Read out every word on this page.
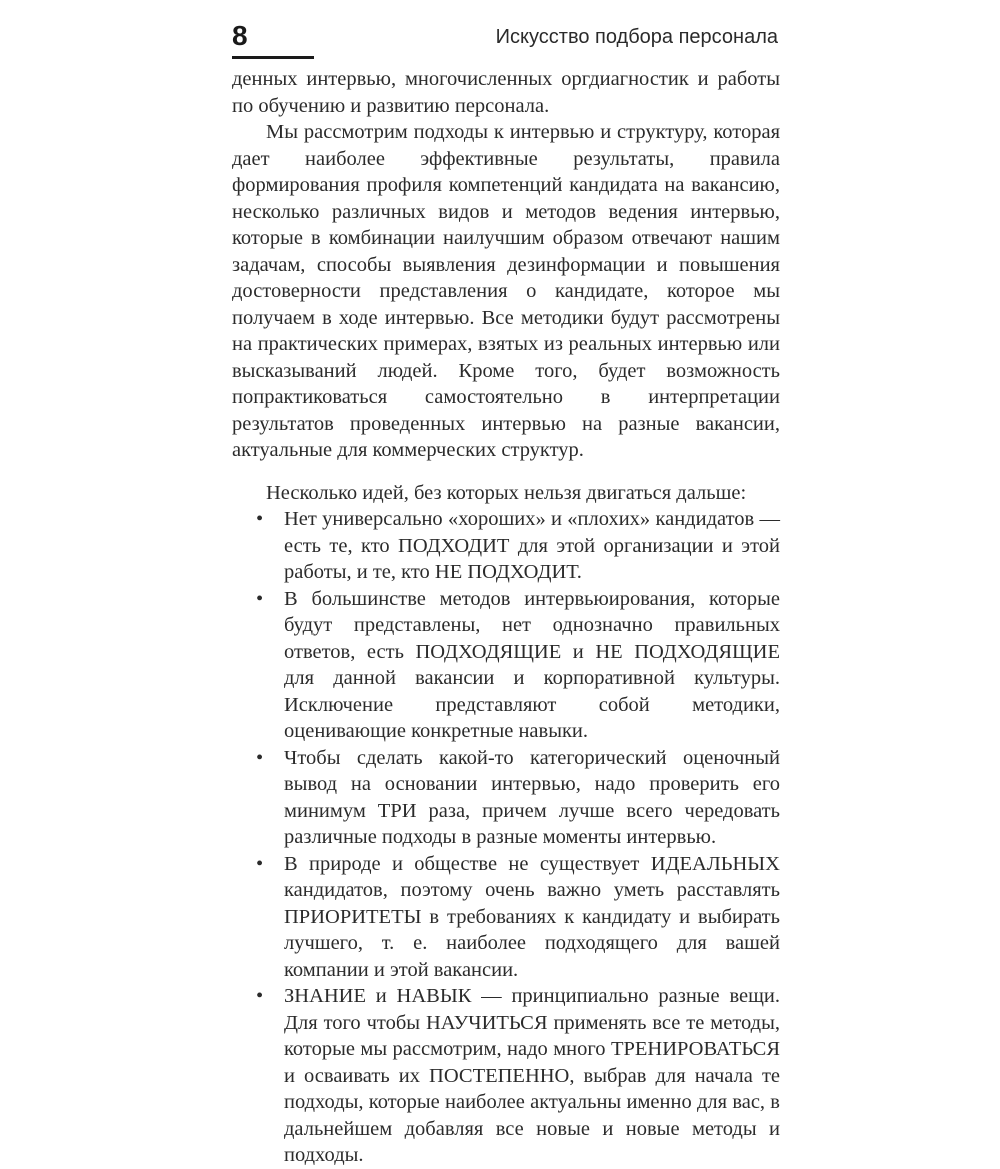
8	Искусство подбора персонала

денных интервью, многочисленных оргдиагностик и работы по обучению и развитию персонала.

Мы рассмотрим подходы к интервью и структуру, которая дает наиболее эффективные результаты, правила формирования профиля компетенций кандидата на вакансию, несколько различных видов и методов ведения интервью, которые в комбинации наилучшим образом отвечают нашим задачам, способы выявления дезинформации и повышения достоверности представления о кандидате, которое мы получаем в ходе интервью. Все методики будут рассмотрены на практических примерах, взятых из реальных интервью или высказываний людей. Кроме того, будет возможность попрактиковаться самостоятельно в интерпретации результатов проведенных интервью на разные вакансии, актуальные для коммерческих структур.

Несколько идей, без которых нельзя двигаться дальше:

• Нет универсально «хороших» и «плохих» кандидатов — есть те, кто ПОДХОДИТ для этой организации и этой работы, и те, кто НЕ ПОДХОДИТ.
• В большинстве методов интервьюирования, которые будут представлены, нет однозначно правильных ответов, есть ПОДХОДЯЩИЕ и НЕ ПОДХОДЯЩИЕ для данной вакансии и корпоративной культуры. Исключение представляют собой методики, оценивающие конкретные навыки.
• Чтобы сделать какой-то категорический оценочный вывод на основании интервью, надо проверить его минимум ТРИ раза, причем лучше всего чередовать различные подходы в разные моменты интервью.
• В природе и обществе не существует ИДЕАЛЬНЫХ кандидатов, поэтому очень важно уметь расставлять ПРИОРИТЕТЫ в требованиях к кандидату и выбирать лучшего, т. е. наиболее подходящего для вашей компании и этой вакансии.
• ЗНАНИЕ и НАВЫК — принципиально разные вещи. Для того чтобы НАУЧИТЬСЯ применять все те методы, которые мы рассмотрим, надо много ТРЕНИРОВАТЬСЯ и осваивать их ПОСТЕПЕННО, выбрав для начала те подходы, которые наиболее актуальны именно для вас, в дальнейшем добавляя все новые и новые методы и подходы.
